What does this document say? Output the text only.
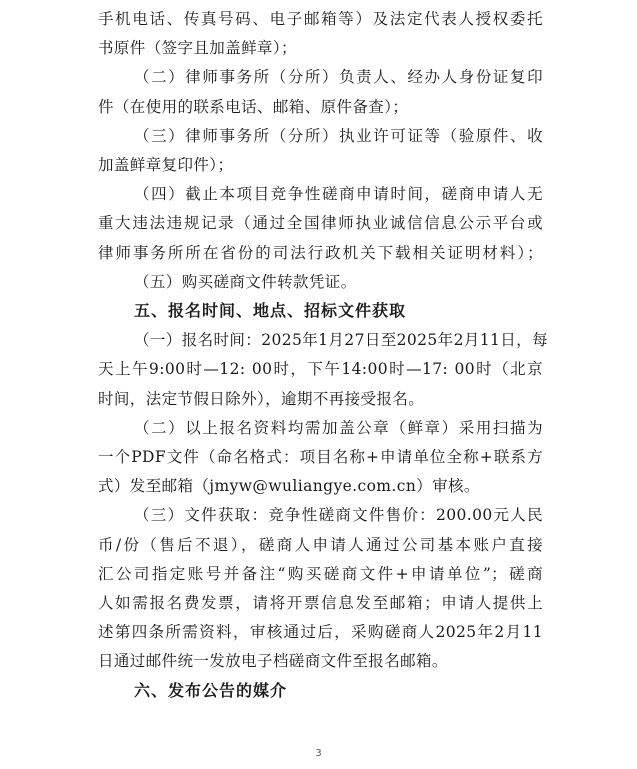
手机电话、传真号码、电子邮箱等）及法定代表人授权委托
书原件（签字且加盖鲜章）；
（二）律师事务所（分所）负责人、经办人身份证复印
件（在使用的联系电话、邮箱、原件备查）；
（三）律师事务所（分所）执业许可证等（验原件、收
加盖鲜章复印件）；
（四）截止本项目竞争性磋商申请时间，磋商申请人无
重大违法违规记录（通过全国律师执业诚信信息公示平台或
律师事务所所在省份的司法行政机关下载相关证明材料）；
（五）购买磋商文件转款凭证。
五、报名时间、地点、招标文件获取
（一）报名时间：2025年1月27日至2025年2月11日，每
天上午9:00时—12: 00时，下午14:00时—17: 00时（北京
时间，法定节假日除外），逾期不再接受报名。
（二）以上报名资料均需加盖公章（鲜章）采用扫描为
一个PDF文件（命名格式：项目名称+申请单位全称+联系方
式）发至邮箱（jmyw@wuliangye.com.cn）审核。
（三）文件获取：竞争性磋商文件售价：200.00元人民
币/份（售后不退），磋商人申请人通过公司基本账户直接
汇公司指定账号并备注“购买磋商文件+申请单位”；磋商
人如需报名费发票，请将开票信息发至邮箱；申请人提供上
述第四条所需资料，审核通过后，采购磋商人2025年2月11
日通过邮件统一发放电子档磋商文件至报名邮箱。
六、发布公告的媒介
3
